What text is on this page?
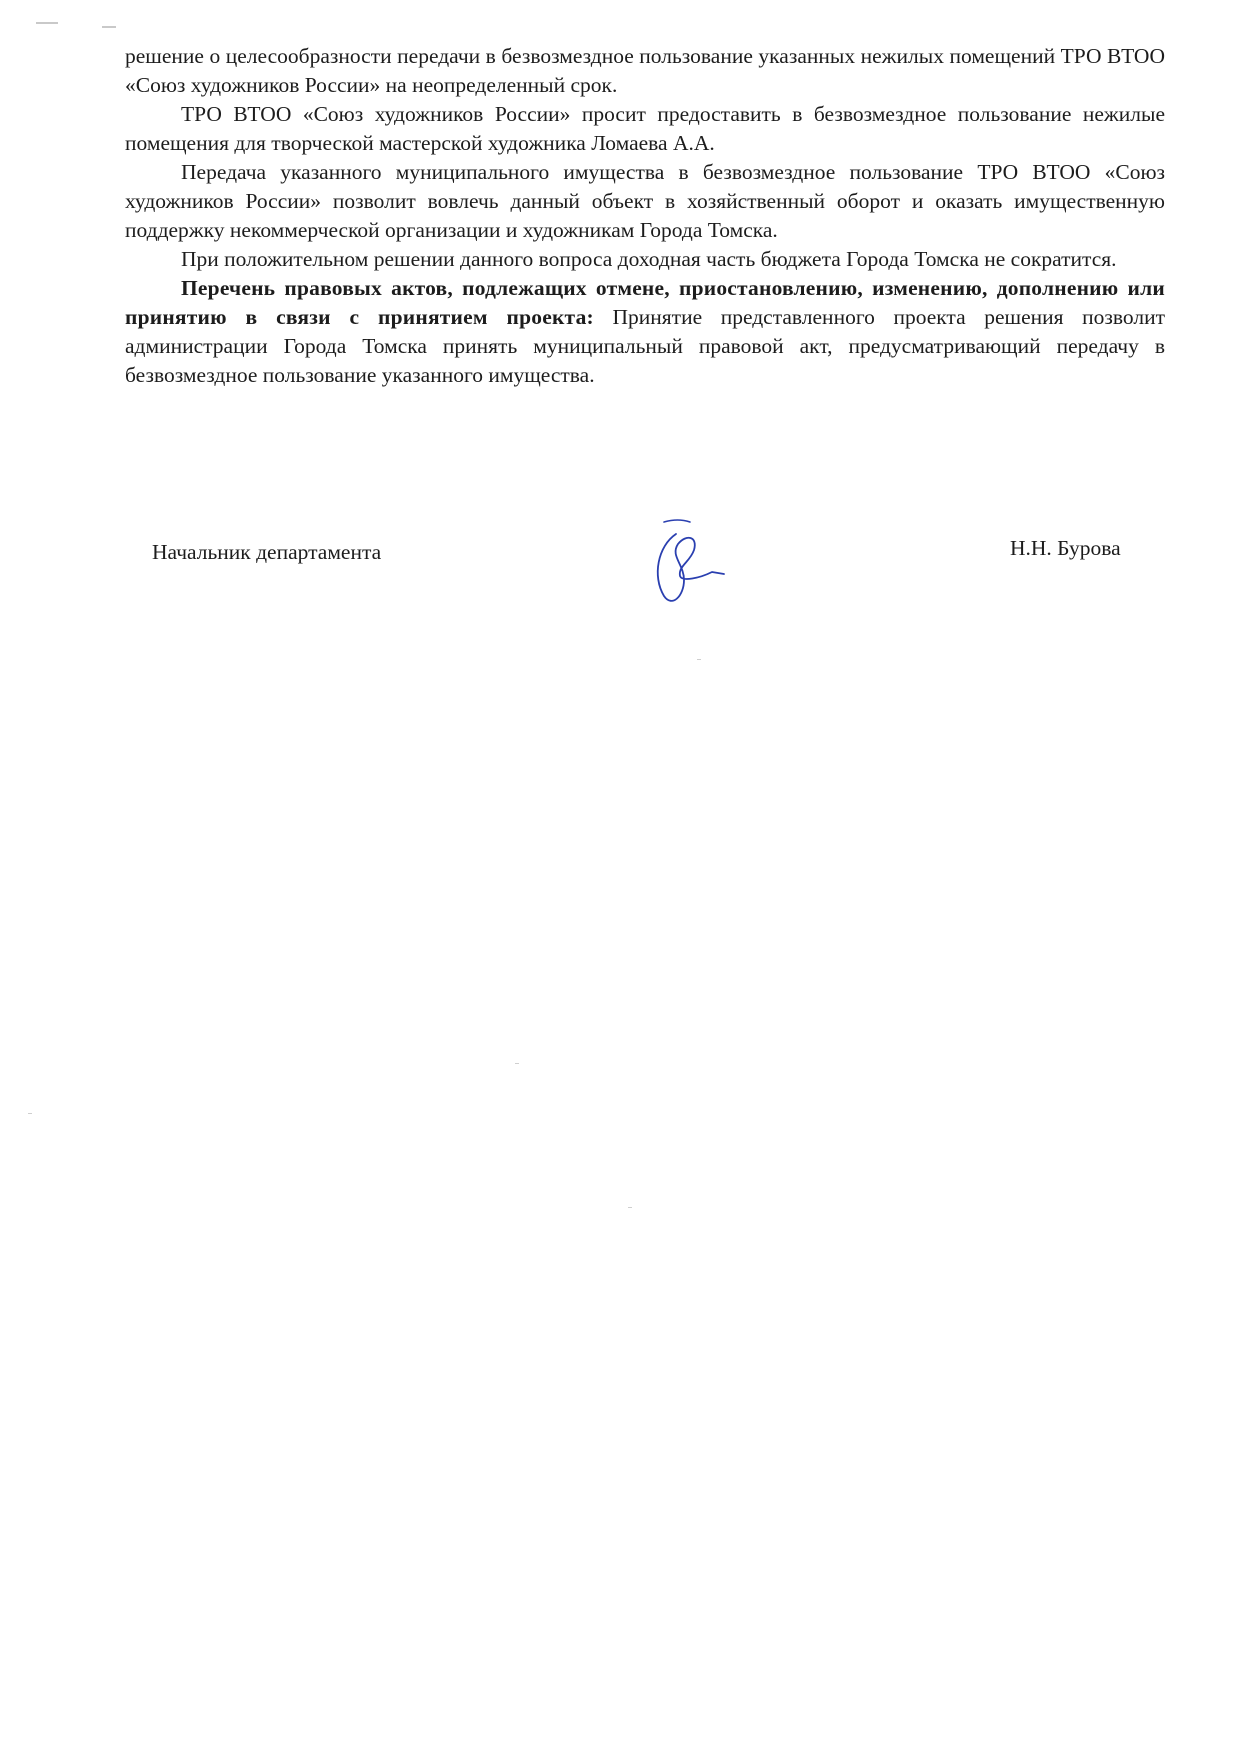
решение о целесообразности передачи в безвозмездное пользование указанных нежилых помещений ТРО ВТОО «Союз художников России» на неопределенный срок.

ТРО ВТОО «Союз художников России» просит предоставить в безвозмездное пользование нежилые помещения для творческой мастерской художника Ломаева А.А.

Передача указанного муниципального имущества в безвозмездное пользование ТРО ВТОО «Союз художников России» позволит вовлечь данный объект в хозяйственный оборот и оказать имущественную поддержку некоммерческой организации и художникам Города Томска.

При положительном решении данного вопроса доходная часть бюджета Города Томска не сократится.

Перечень правовых актов, подлежащих отмене, приостановлению, изменению, дополнению или принятию в связи с принятием проекта: Принятие представленного проекта решения позволит администрации Города Томска принять муниципальный правовой акт, предусматривающий передачу в безвозмездное пользование указанного имущества.

Начальник департамента	Н.Н. Бурова
